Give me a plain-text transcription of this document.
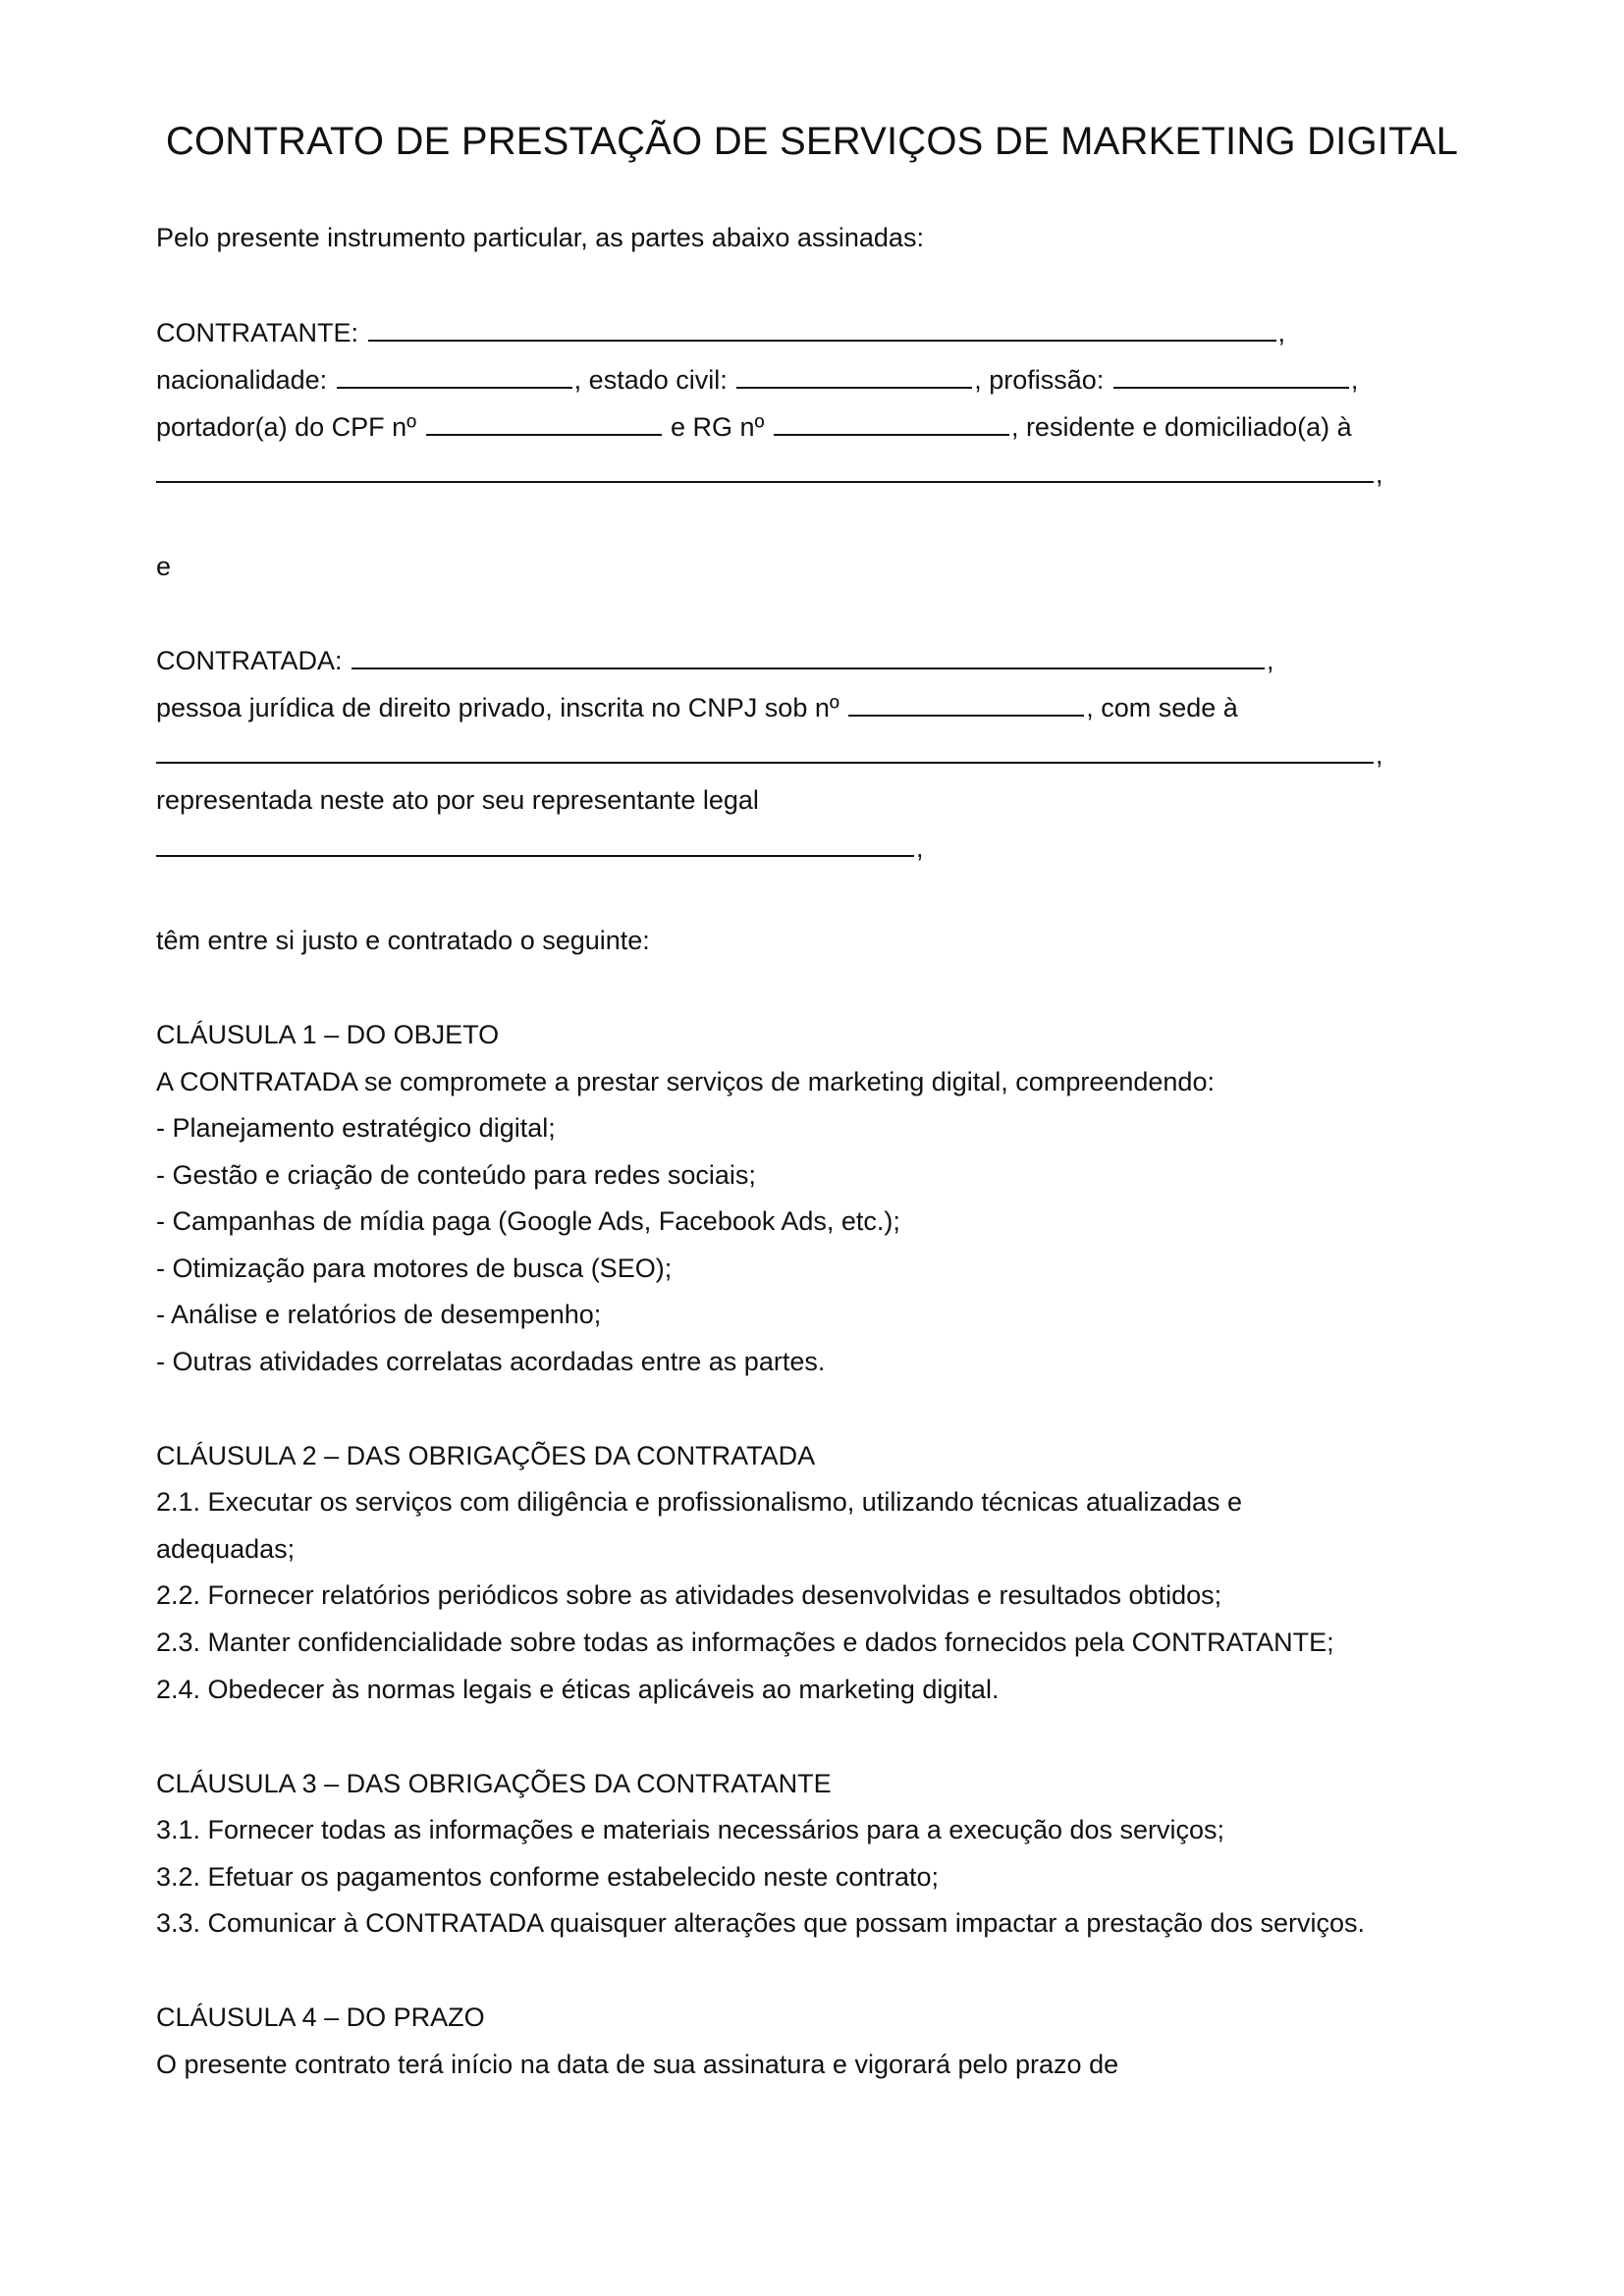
CONTRATO DE PRESTAÇÃO DE SERVIÇOS DE MARKETING DIGITAL
Pelo presente instrumento particular, as partes abaixo assinadas:
CONTRATANTE:	,
nacionalidade:	, estado civil:	, profissão:	,
portador(a) do CPF nº	e RG nº	, residente e domiciliado(a) à
,
e
CONTRATADA:	,
pessoa jurídica de direito privado, inscrita no CNPJ sob nº	, com sede à
,
representada neste ato por seu representante legal
,
têm entre si justo e contratado o seguinte:
CLÁUSULA 1 – DO OBJETO
A CONTRATADA se compromete a prestar serviços de marketing digital, compreendendo:
- Planejamento estratégico digital;
- Gestão e criação de conteúdo para redes sociais;
- Campanhas de mídia paga (Google Ads, Facebook Ads, etc.);
- Otimização para motores de busca (SEO);
- Análise e relatórios de desempenho;
- Outras atividades correlatas acordadas entre as partes.
CLÁUSULA 2 – DAS OBRIGAÇÕES DA CONTRATADA
2.1. Executar os serviços com diligência e profissionalismo, utilizando técnicas atualizadas e
adequadas;
2.2. Fornecer relatórios periódicos sobre as atividades desenvolvidas e resultados obtidos;
2.3. Manter confidencialidade sobre todas as informações e dados fornecidos pela CONTRATANTE;
2.4. Obedecer às normas legais e éticas aplicáveis ao marketing digital.
CLÁUSULA 3 – DAS OBRIGAÇÕES DA CONTRATANTE
3.1. Fornecer todas as informações e materiais necessários para a execução dos serviços;
3.2. Efetuar os pagamentos conforme estabelecido neste contrato;
3.3. Comunicar à CONTRATADA quaisquer alterações que possam impactar a prestação dos serviços.
CLÁUSULA 4 – DO PRAZO
O presente contrato terá início na data de sua assinatura e vigorará pelo prazo de
